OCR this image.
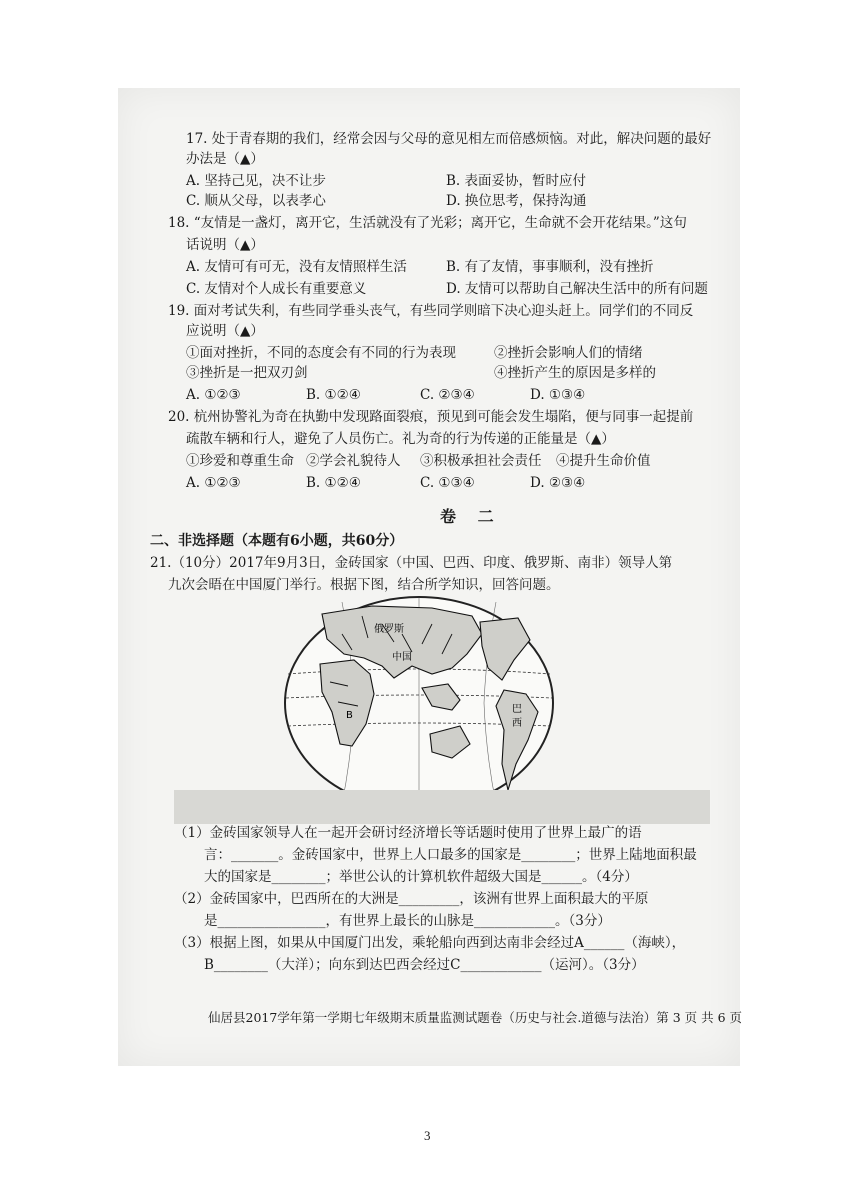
17. 处于青春期的我们，经常会因与父母的意见相左而倍感烦恼。对此，解决问题的最好
办法是（▲）
A. 坚持己见，决不让步	B. 表面妥协，暂时应付
C. 顺从父母，以表孝心	D. 换位思考，保持沟通
18. “友情是一盏灯，离开它，生活就没有了光彩；离开它，生命就不会开花结果。”这句
话说明（▲）
A. 友情可有可无，没有友情照样生活	B. 有了友情，事事顺利，没有挫折
C. 友情对个人成长有重要意义	D. 友情可以帮助自己解决生活中的所有问题
19. 面对考试失利，有些同学垂头丧气，有些同学则暗下决心迎头赶上。同学们的不同反
应说明（▲）
①面对挫折，不同的态度会有不同的行为表现	②挫折会影响人们的情绪
③挫折是一把双刃剑	④挫折产生的原因是多样的
A. ①②③	B. ①②④	C. ②③④	D. ①③④
20. 杭州协警礼为奇在执勤中发现路面裂痕，预见到可能会发生塌陷，便与同事一起提前
疏散车辆和行人，避免了人员伤亡。礼为奇的行为传递的正能量是（▲）
①珍爱和尊重生命 ②学会礼貌待人 ③积极承担社会责任 ④提升生命价值
A. ①②③	B. ①②④	C. ①③④	D. ②③④
卷 二
二、非选择题（本题有6小题，共60分）
21.（10分）2017年9月3日，金砖国家（中国、巴西、印度、俄罗斯、南非）领导人第
九次会晤在中国厦门举行。根据下图，结合所学知识，回答问题。
俄罗斯
中国
B
巴
西
（1）金砖国家领导人在一起开会研讨经济增长等话题时使用了世界上最广的语
言：_______。金砖国家中，世界上人口最多的国家是________；世界上陆地面积最
大的国家是________；举世公认的计算机软件超级大国是______。（4分）
（2）金砖国家中，巴西所在的大洲是_________，该洲有世界上面积最大的平原
是________________，有世界上最长的山脉是____________。（3分）
（3）根据上图，如果从中国厦门出发，乘轮船向西到达南非会经过A______（海峡），
B________（大洋）；向东到达巴西会经过C____________（运河）。（3分）
仙居县2017学年第一学期七年级期末质量监测试题卷（历史与社会.道德与法治）第 3 页 共 6 页
3
